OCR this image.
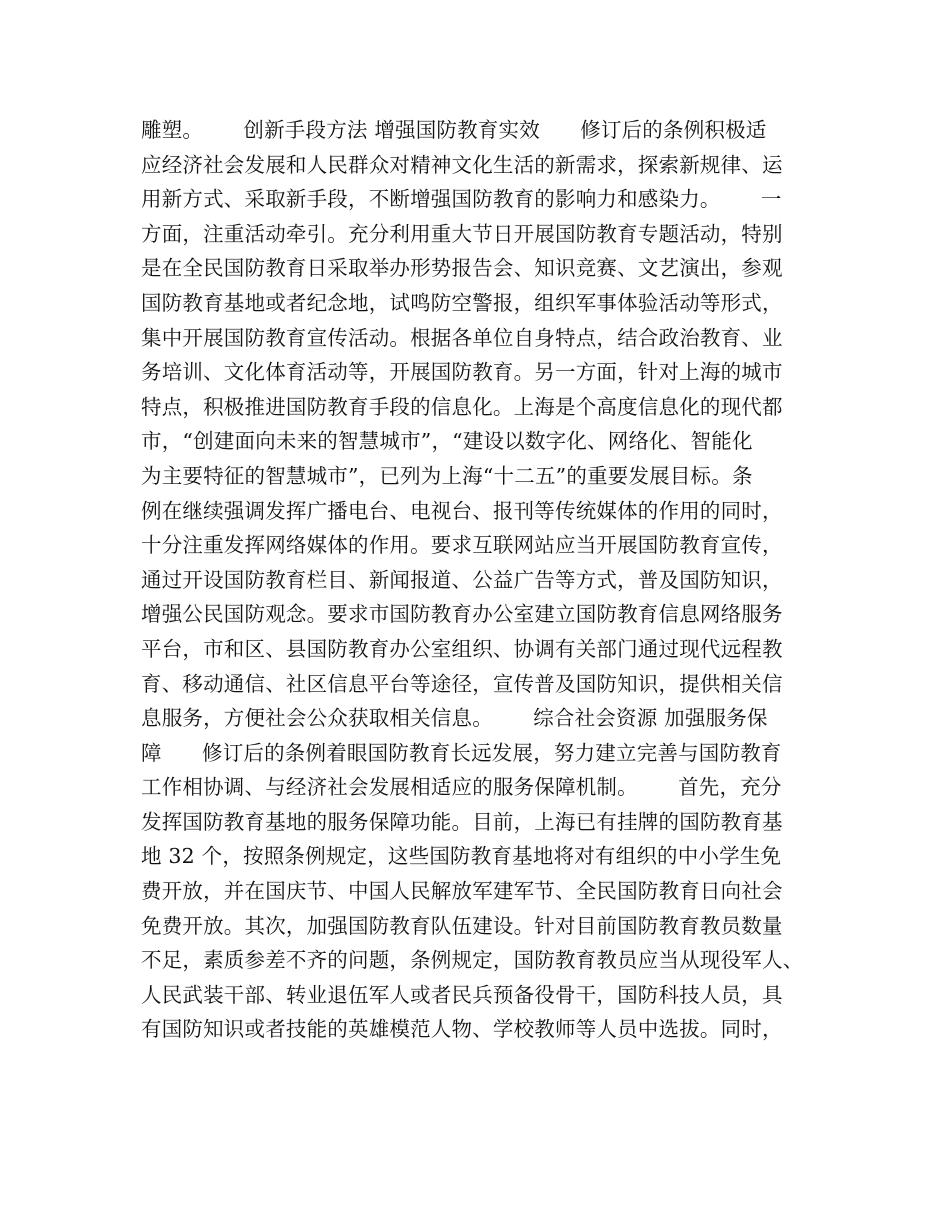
雕塑。      创新手段方法 增强国防教育实效      修订后的条例积极适
应经济社会发展和人民群众对精神文化生活的新需求，探索新规律、运
用新方式、采取新手段，不断增强国防教育的影响力和感染力。      一
方面，注重活动牵引。充分利用重大节日开展国防教育专题活动，特别
是在全民国防教育日采取举办形势报告会、知识竞赛、文艺演出，参观
国防教育基地或者纪念地，试鸣防空警报，组织军事体验活动等形式，
集中开展国防教育宣传活动。根据各单位自身特点，结合政治教育、业
务培训、文化体育活动等，开展国防教育。另一方面，针对上海的城市
特点，积极推进国防教育手段的信息化。上海是个高度信息化的现代都
市，“创建面向未来的智慧城市”，“建设以数字化、网络化、智能化
为主要特征的智慧城市”，已列为上海“十二五”的重要发展目标。条
例在继续强调发挥广播电台、电视台、报刊等传统媒体的作用的同时，
十分注重发挥网络媒体的作用。要求互联网站应当开展国防教育宣传，
通过开设国防教育栏目、新闻报道、公益广告等方式，普及国防知识，
增强公民国防观念。要求市国防教育办公室建立国防教育信息网络服务
平台，市和区、县国防教育办公室组织、协调有关部门通过现代远程教
育、移动通信、社区信息平台等途径，宣传普及国防知识，提供相关信
息服务，方便社会公众获取相关信息。      综合社会资源 加强服务保
障      修订后的条例着眼国防教育长远发展，努力建立完善与国防教育
工作相协调、与经济社会发展相适应的服务保障机制。      首先，充分
发挥国防教育基地的服务保障功能。目前，上海已有挂牌的国防教育基
地 32 个，按照条例规定，这些国防教育基地将对有组织的中小学生免
费开放，并在国庆节、中国人民解放军建军节、全民国防教育日向社会
免费开放。其次，加强国防教育队伍建设。针对目前国防教育教员数量
不足，素质参差不齐的问题，条例规定，国防教育教员应当从现役军人、
人民武装干部、转业退伍军人或者民兵预备役骨干，国防科技人员，具
有国防知识或者技能的英雄模范人物、学校教师等人员中选拔。同时，
